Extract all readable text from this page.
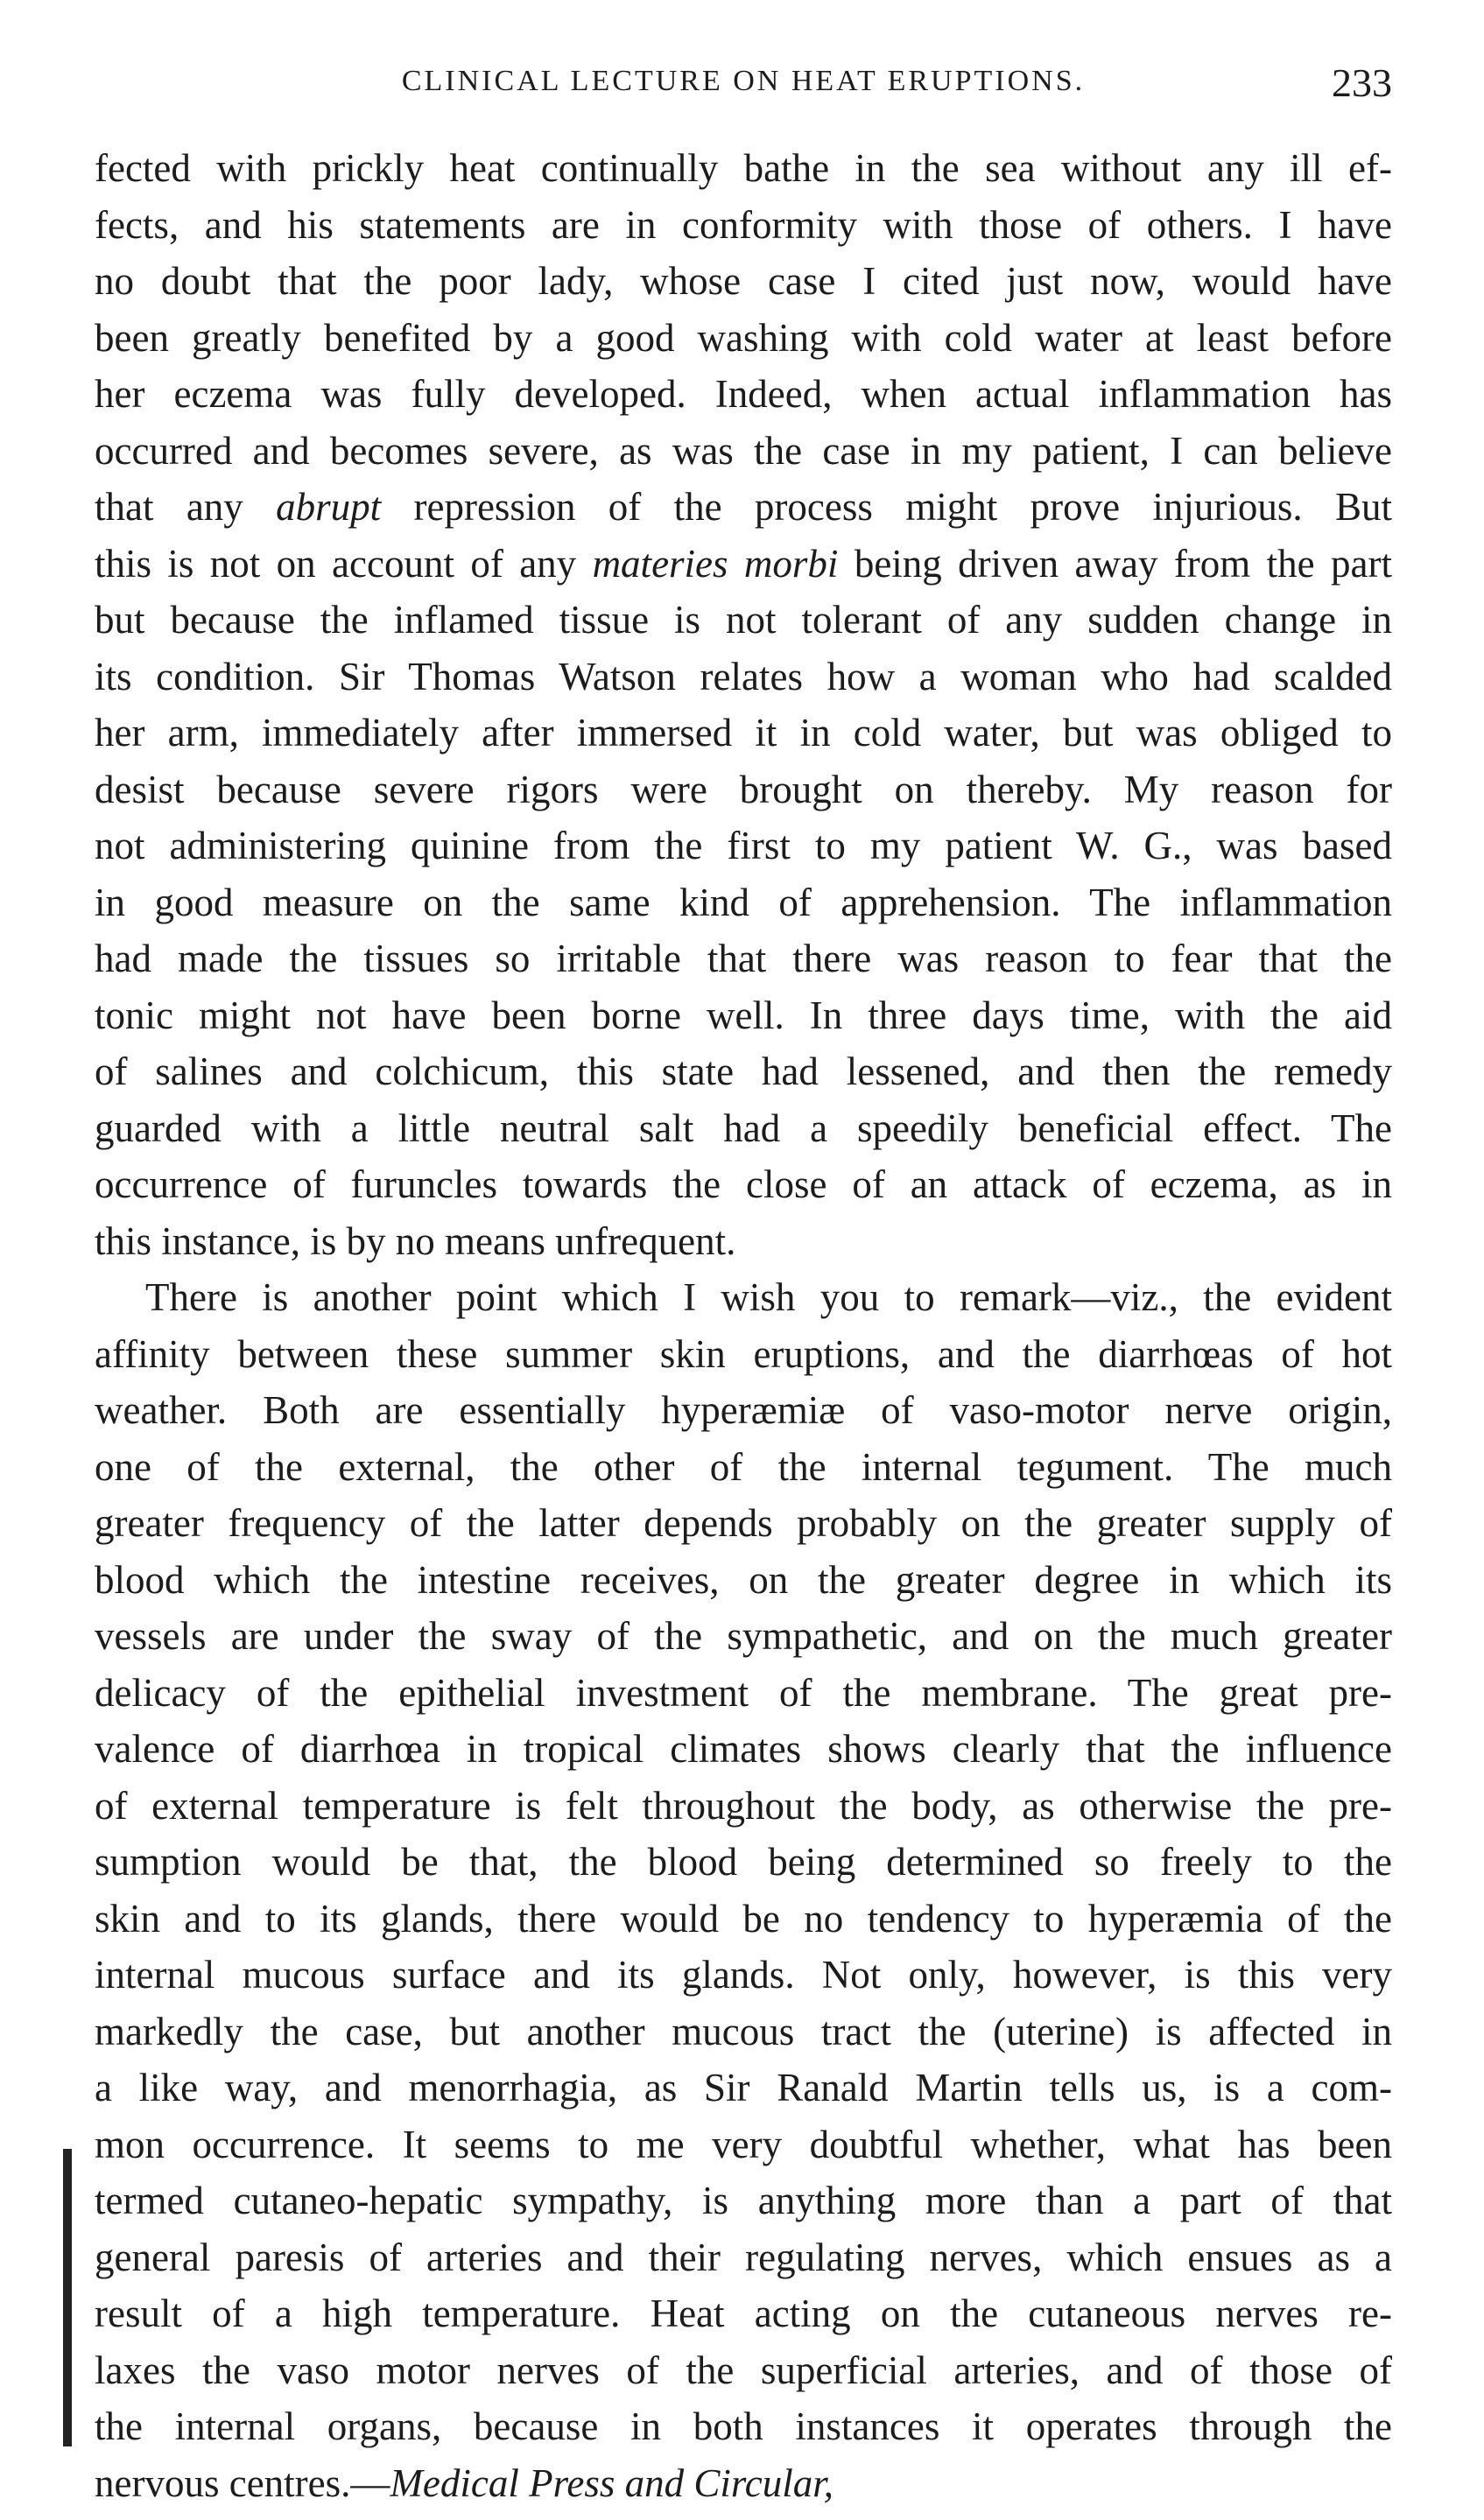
CLINICAL LECTURE ON HEAT ERUPTIONS.	233
fected with prickly heat continually bathe in the sea without any ill ef-
fects, and his statements are in conformity with those of others. I have
no doubt that the poor lady, whose case I cited just now, would have
been greatly benefited by a good washing with cold water at least before
her eczema was fully developed. Indeed, when actual inflammation has
occurred and becomes severe, as was the case in my patient, I can believe
that any abrupt repression of the process might prove injurious. But
this is not on account of any materies morbi being driven away from the part
but because the inflamed tissue is not tolerant of any sudden change in
its condition. Sir Thomas Watson relates how a woman who had scalded
her arm, immediately after immersed it in cold water, but was obliged to
desist because severe rigors were brought on thereby. My reason for
not administering quinine from the first to my patient W. G., was based
in good measure on the same kind of apprehension. The inflammation
had made the tissues so irritable that there was reason to fear that the
tonic might not have been borne well. In three days time, with the aid
of salines and colchicum, this state had lessened, and then the remedy
guarded with a little neutral salt had a speedily beneficial effect. The
occurrence of furuncles towards the close of an attack of eczema, as in
this instance, is by no means unfrequent.
There is another point which I wish you to remark—viz., the evident
affinity between these summer skin eruptions, and the diarrhœas of hot
weather. Both are essentially hyperæmiæ of vaso-motor nerve origin,
one of the external, the other of the internal tegument. The much
greater frequency of the latter depends probably on the greater supply of
blood which the intestine receives, on the greater degree in which its
vessels are under the sway of the sympathetic, and on the much greater
delicacy of the epithelial investment of the membrane. The great pre-
valence of diarrhœa in tropical climates shows clearly that the influence
of external temperature is felt throughout the body, as otherwise the pre-
sumption would be that, the blood being determined so freely to the
skin and to its glands, there would be no tendency to hyperæmia of the
internal mucous surface and its glands. Not only, however, is this very
markedly the case, but another mucous tract the (uterine) is affected in
a like way, and menorrhagia, as Sir Ranald Martin tells us, is a com-
mon occurrence. It seems to me very doubtful whether, what has been
termed cutaneo-hepatic sympathy, is anything more than a part of that
general paresis of arteries and their regulating nerves, which ensues as a
result of a high temperature. Heat acting on the cutaneous nerves re-
laxes the vaso motor nerves of the superficial arteries, and of those of
the internal organs, because in both instances it operates through the
nervous centres.—Medical Press and Circular,
